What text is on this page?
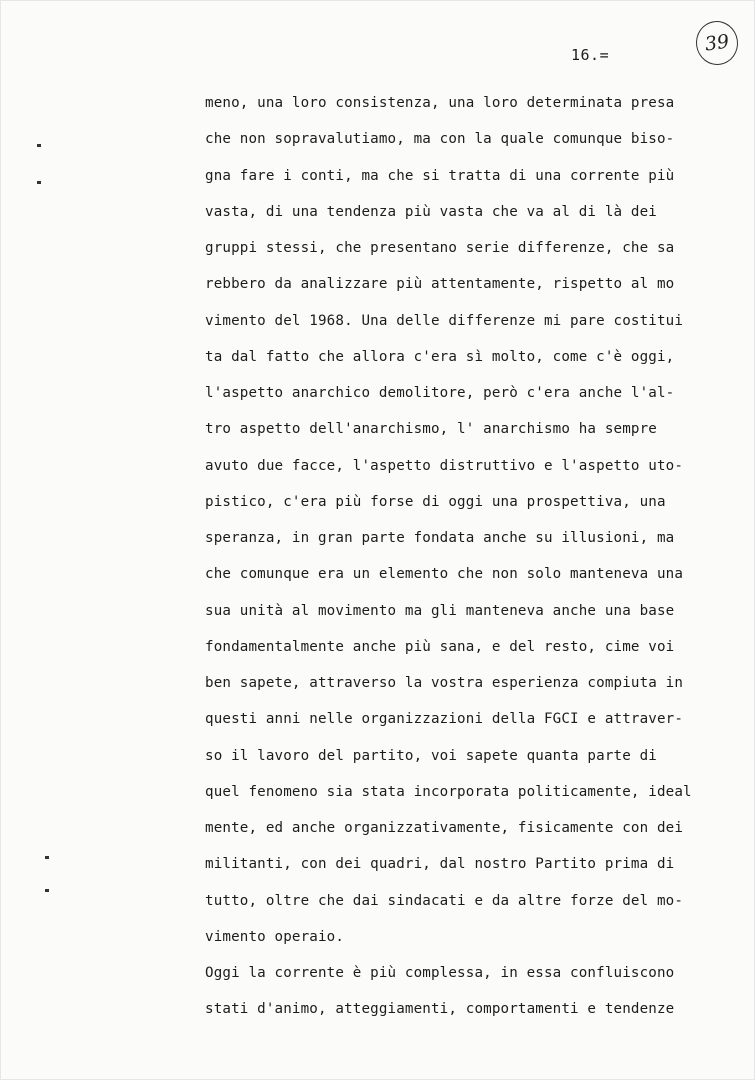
16.=	39
meno, una loro consistenza, una loro determinata presa
che non sopravalutiamo, ma con la quale comunque biso-
gna fare i conti, ma che si tratta di una corrente più
vasta, di una tendenza più vasta che va al di là dei
gruppi stessi, che presentano serie differenze, che sa
rebbero da analizzare più attentamente, rispetto al mo
vimento del 1968. Una delle differenze mi pare costitui
ta dal fatto che allora c'era sì molto, come c'è oggi,
l'aspetto anarchico demolitore, però c'era anche l'al-
tro aspetto dell'anarchismo, l' anarchismo ha sempre
avuto due facce, l'aspetto distruttivo e l'aspetto uto-
pistico, c'era più forse di oggi una prospettiva, una
speranza, in gran parte fondata anche su illusioni, ma
che comunque era un elemento che non solo manteneva una
sua unità al movimento ma gli manteneva anche una base
fondamentalmente anche più sana, e del resto, cime voi
ben sapete, attraverso la vostra esperienza compiuta in
questi anni nelle organizzazioni della FGCI e attraver-
so il lavoro del partito, voi sapete quanta parte di
quel fenomeno sia stata incorporata politicamente, ideal
mente, ed anche organizzativamente, fisicamente con dei
militanti, con dei quadri, dal nostro Partito prima di
tutto, oltre che dai sindacati e da altre forze del mo-
vimento operaio.
Oggi la corrente è più complessa, in essa confluiscono
stati d'animo, atteggiamenti, comportamenti e tendenze
